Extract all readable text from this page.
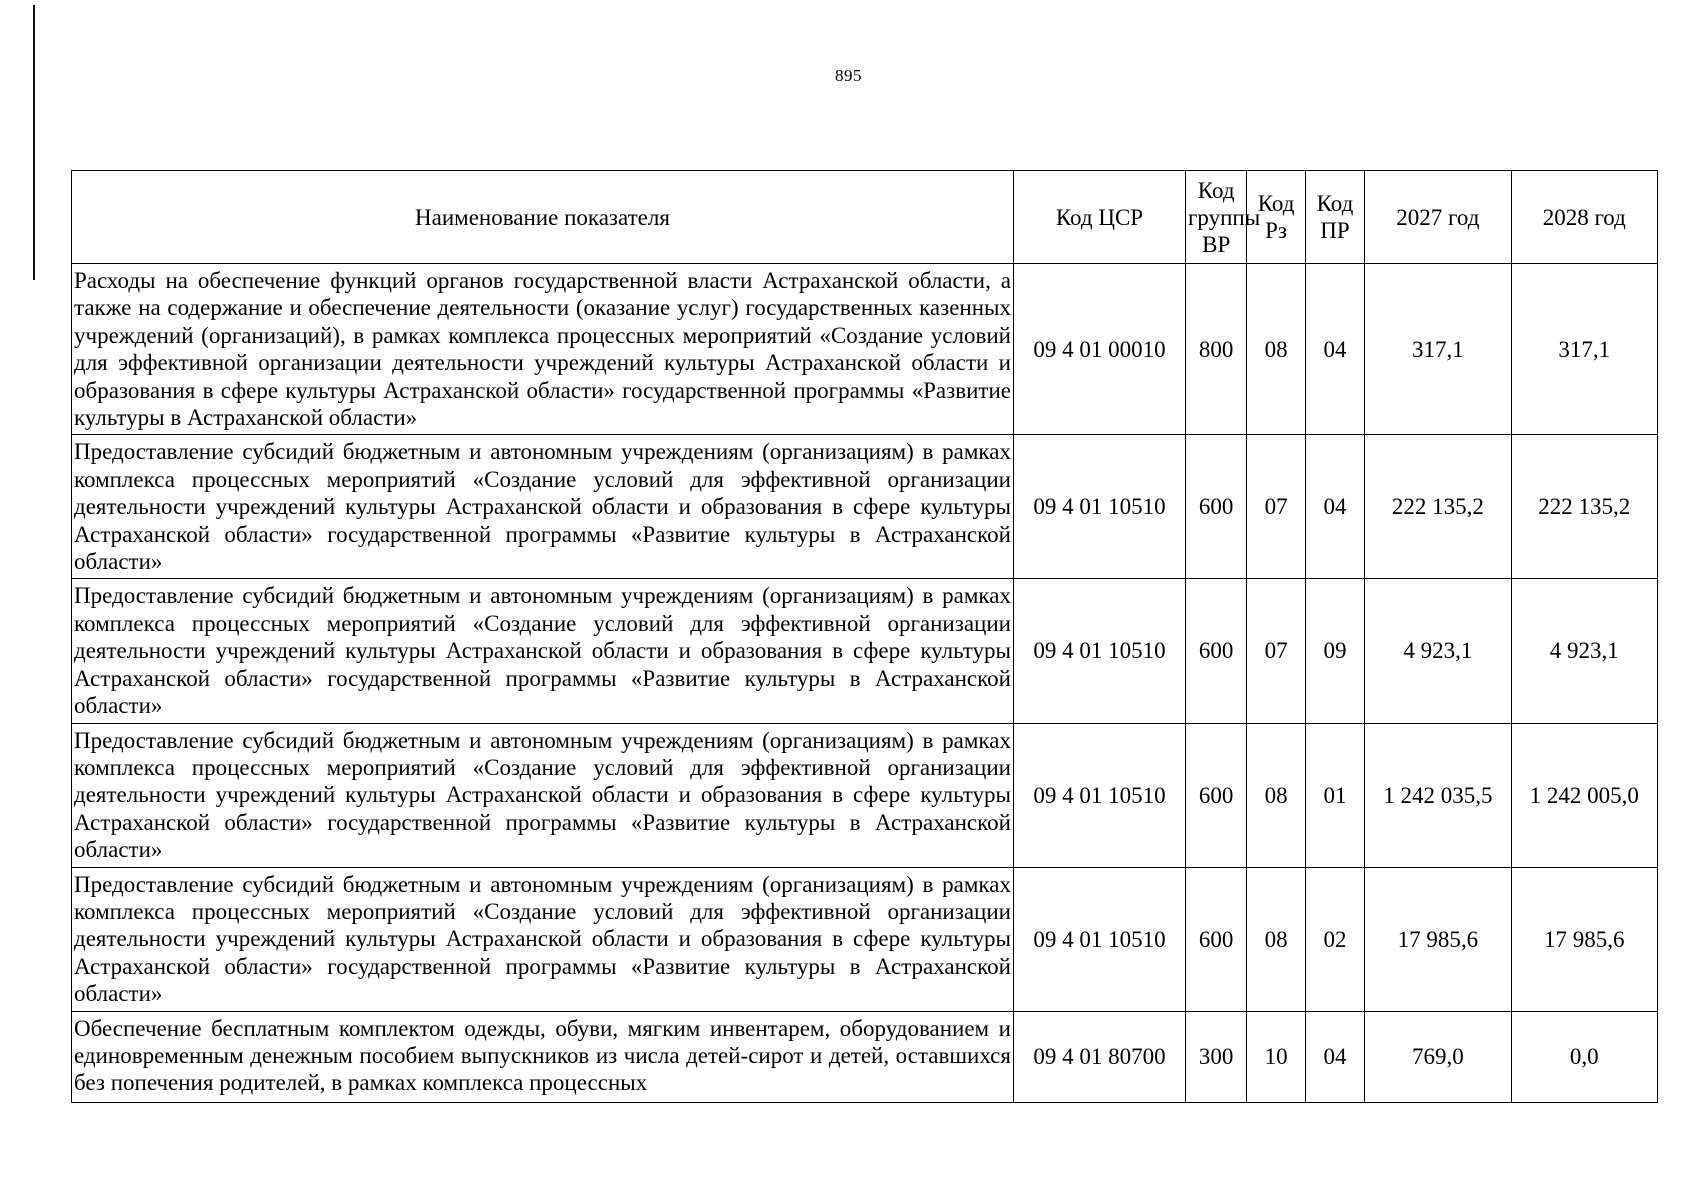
895
Наименование показателя	Код ЦСР	Код группы ВР	Код Рз	Код ПР	2027 год	2028 год
Расходы на обеспечение функций органов государственной власти Астраханской области, а также на содержание и обеспечение деятельности (оказание услуг) государственных казенных учреждений (организаций), в рамках комплекса процессных мероприятий «Создание условий для эффективной организации деятельности учреждений культуры Астраханской области и образования в сфере культуры Астраханской области» государственной программы «Развитие культуры в Астраханской области»	09 4 01 00010	800	08	04	317,1	317,1
Предоставление субсидий бюджетным и автономным учреждениям (организациям) в рамках комплекса процессных мероприятий «Создание условий для эффективной организации деятельности учреждений культуры Астраханской области и образования в сфере культуры Астраханской области» государственной программы «Развитие культуры в Астраханской области»	09 4 01 10510	600	07	04	222 135,2	222 135,2
Предоставление субсидий бюджетным и автономным учреждениям (организациям) в рамках комплекса процессных мероприятий «Создание условий для эффективной организации деятельности учреждений культуры Астраханской области и образования в сфере культуры Астраханской области» государственной программы «Развитие культуры в Астраханской области»	09 4 01 10510	600	07	09	4 923,1	4 923,1
Предоставление субсидий бюджетным и автономным учреждениям (организациям) в рамках комплекса процессных мероприятий «Создание условий для эффективной организации деятельности учреждений культуры Астраханской области и образования в сфере культуры Астраханской области» государственной программы «Развитие культуры в Астраханской области»	09 4 01 10510	600	08	01	1 242 035,5	1 242 005,0
Предоставление субсидий бюджетным и автономным учреждениям (организациям) в рамках комплекса процессных мероприятий «Создание условий для эффективной организации деятельности учреждений культуры Астраханской области и образования в сфере культуры Астраханской области» государственной программы «Развитие культуры в Астраханской области»	09 4 01 10510	600	08	02	17 985,6	17 985,6
Обеспечение бесплатным комплектом одежды, обуви, мягким инвентарем, оборудованием и единовременным денежным пособием выпускников из числа детей-сирот и детей, оставшихся без попечения родителей, в рамках комплекса процессных	09 4 01 80700	300	10	04	769,0	0,0
